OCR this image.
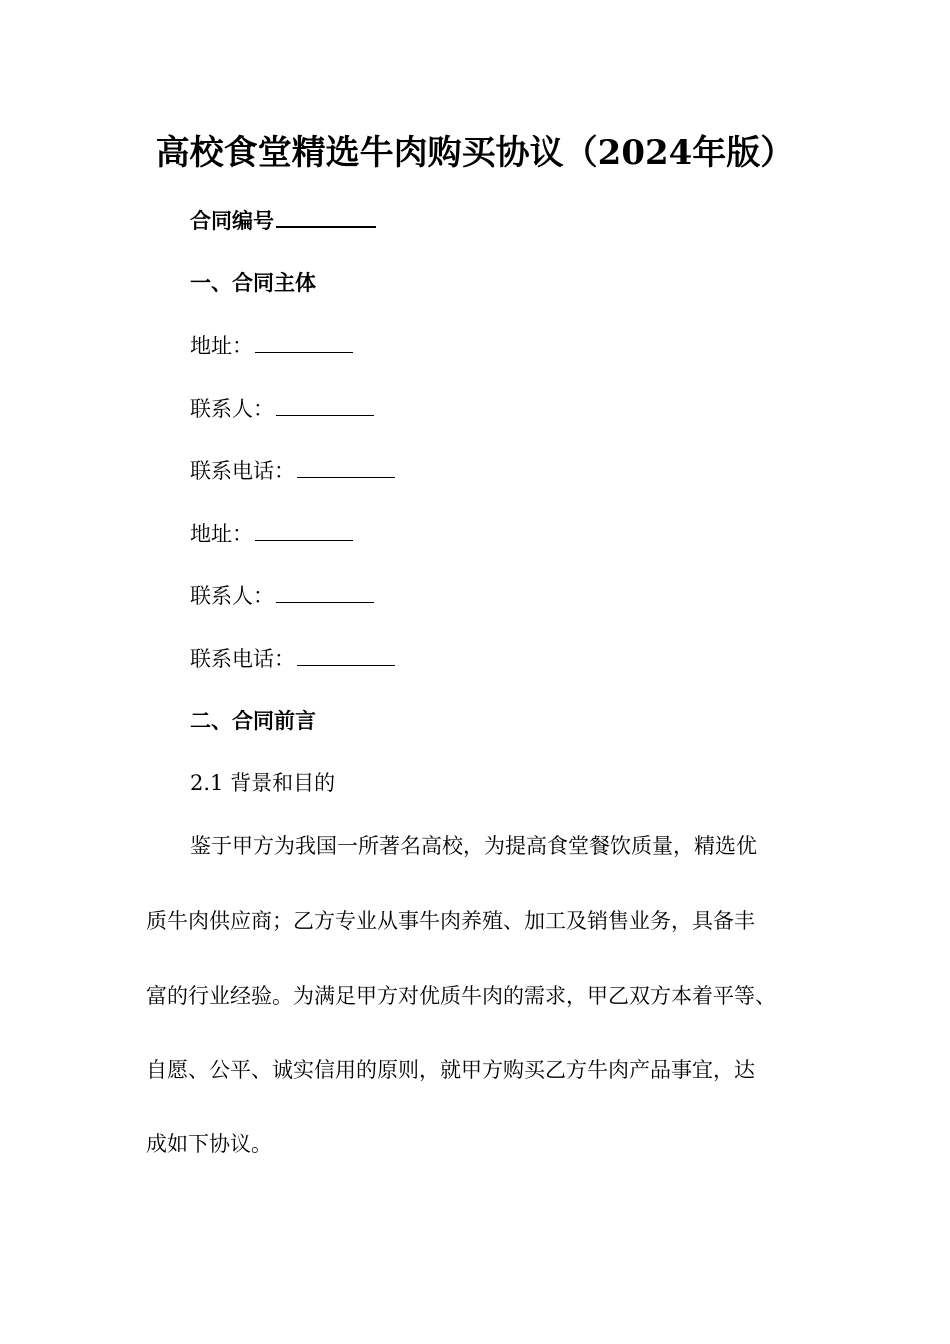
高校食堂精选牛肉购买协议（2024年版）
合同编号
一、合同主体
地址：
联系人：
联系电话：
地址：
联系人：
联系电话：
二、合同前言
2.1 背景和目的
鉴于甲方为我国一所著名高校，为提高食堂餐饮质量，精选优
质牛肉供应商；乙方专业从事牛肉养殖、加工及销售业务，具备丰
富的行业经验。为满足甲方对优质牛肉的需求，甲乙双方本着平等、
自愿、公平、诚实信用的原则，就甲方购买乙方牛肉产品事宜，达
成如下协议。
